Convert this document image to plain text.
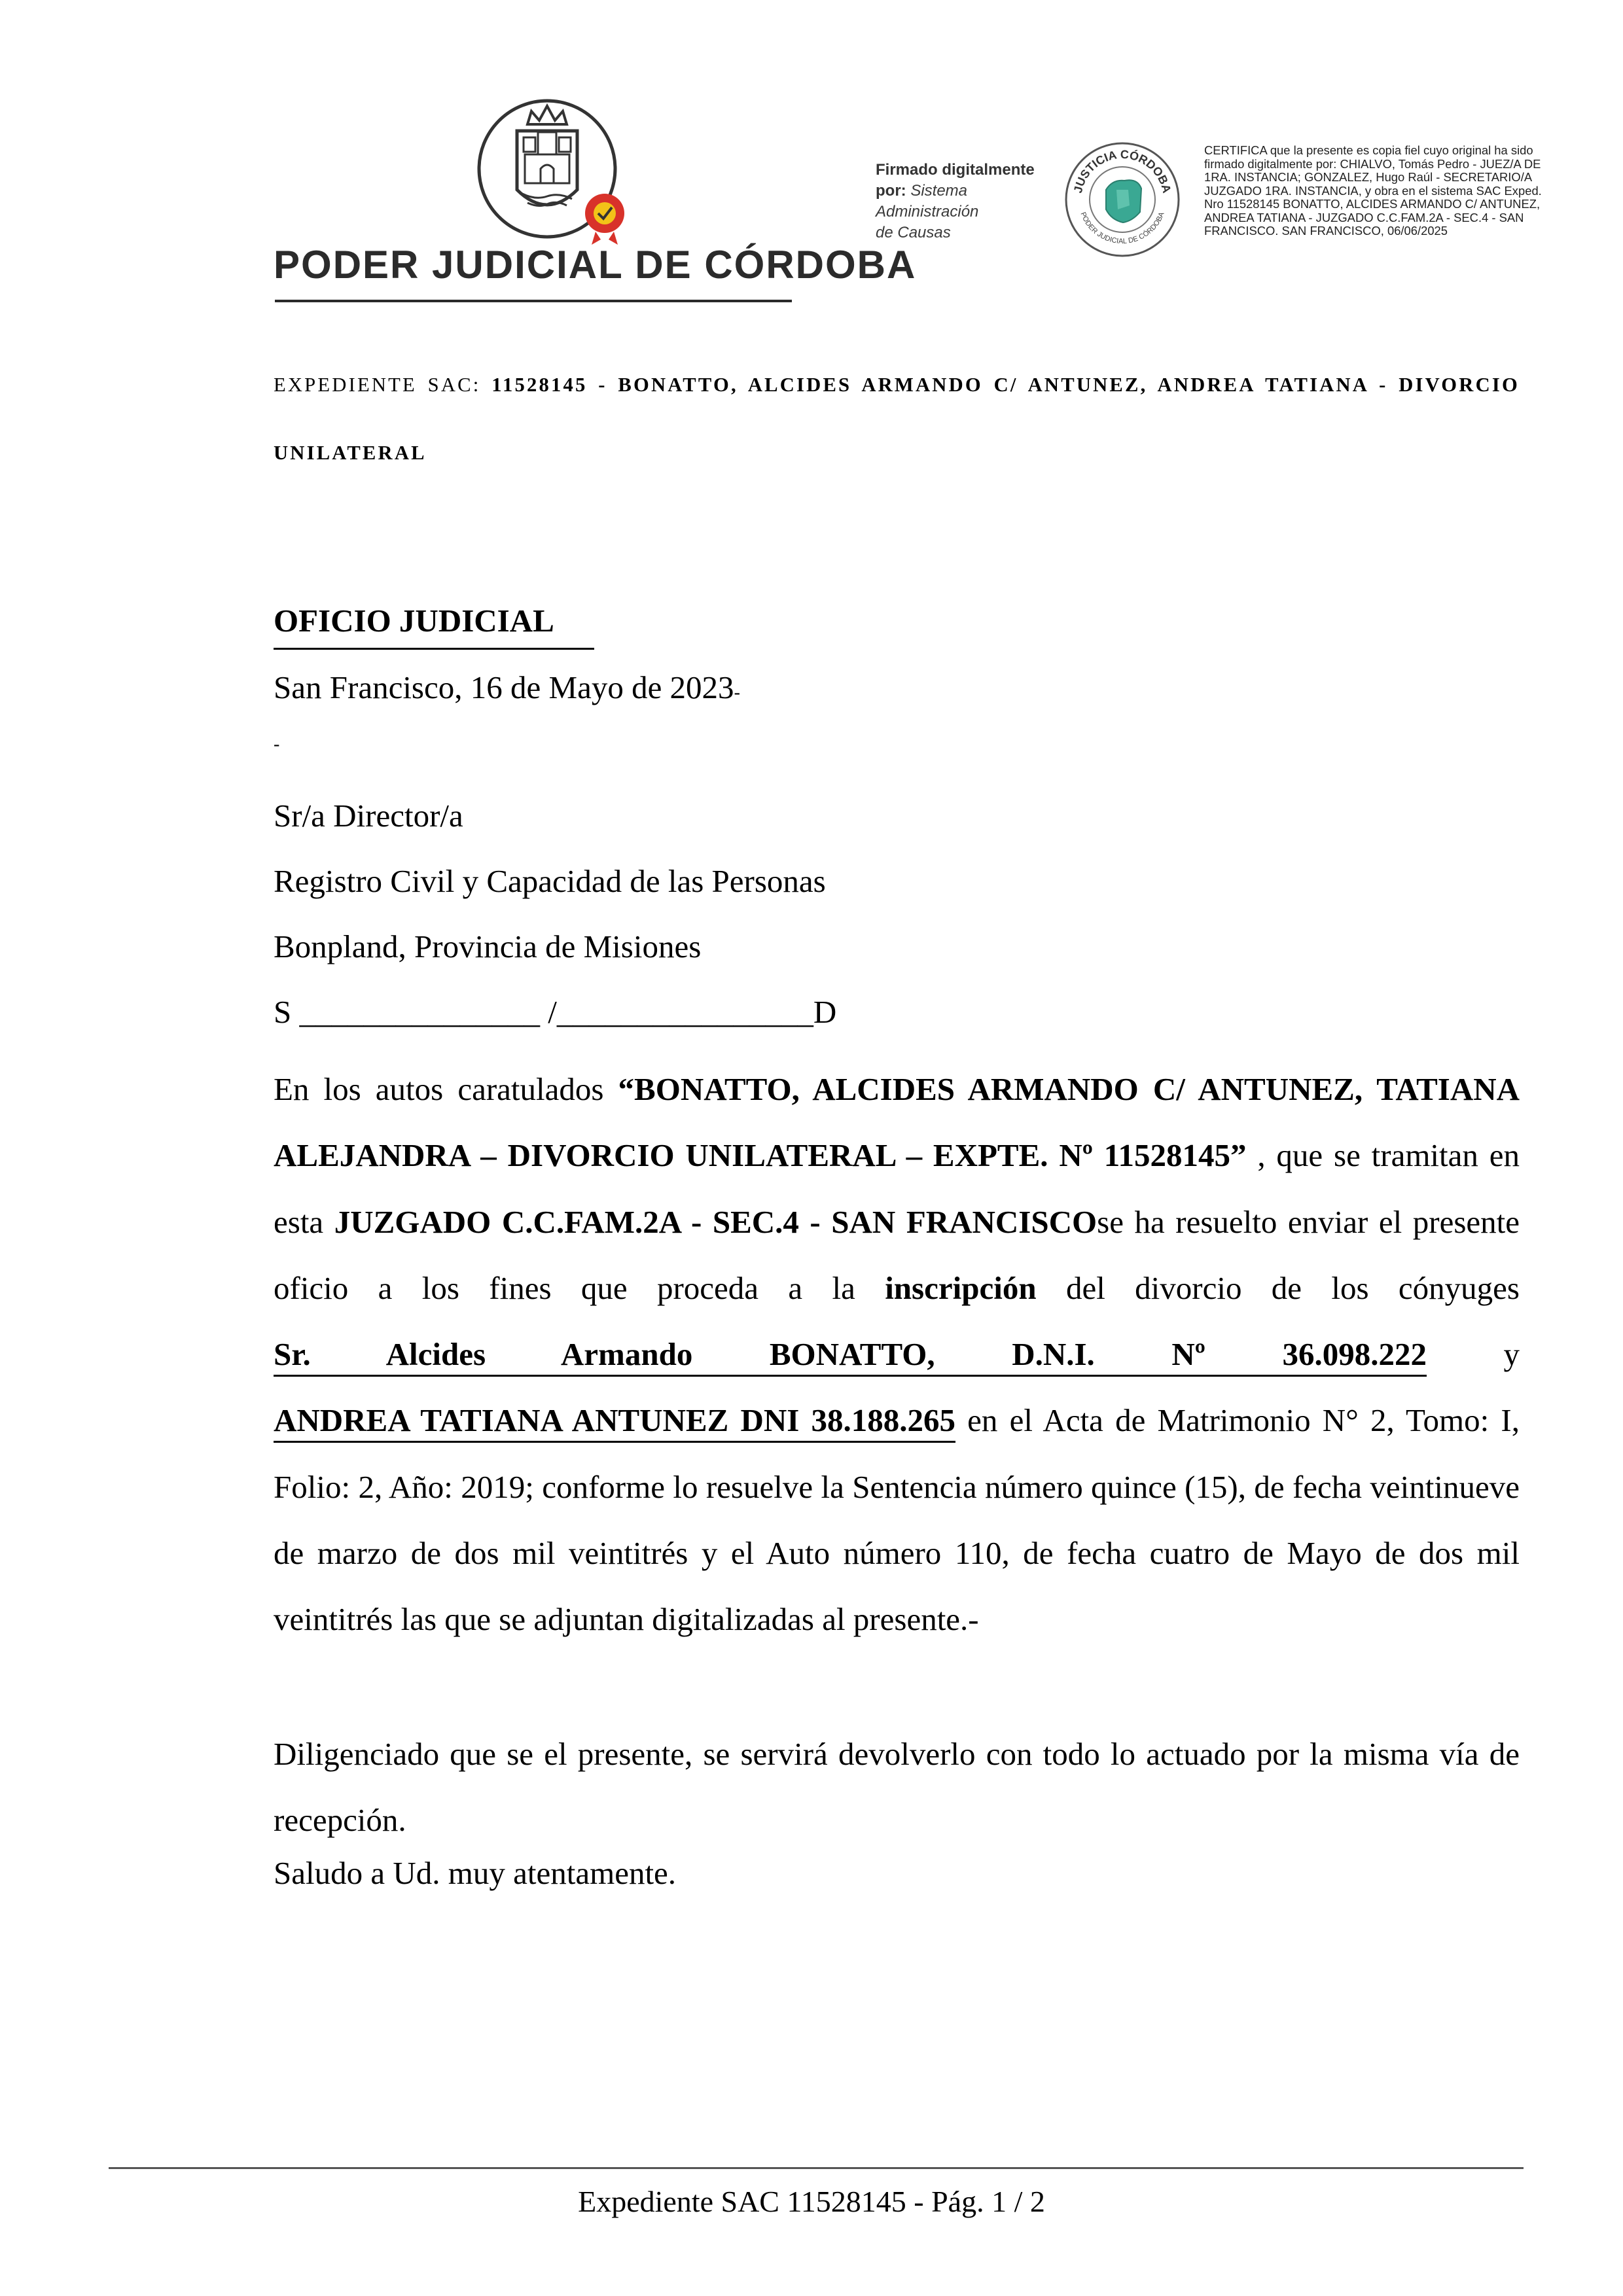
PODER JUDICIAL DE CÓRDOBA
Firmado digitalmente
por: Sistema
Administración
de Causas
JUSTICIA CÓRDOBA
PODER JUDICIAL DE CÓRDOBA
CERTIFICA que la presente es copia fiel cuyo original ha sido firmado digitalmente por: CHIALVO, Tomás Pedro - JUEZ/A DE 1RA. INSTANCIA; GONZALEZ, Hugo Raúl - SECRETARIO/A JUZGADO 1RA. INSTANCIA, y obra en el sistema SAC Exped. Nro 11528145 BONATTO, ALCIDES ARMANDO C/ ANTUNEZ, ANDREA TATIANA - JUZGADO C.C.FAM.2A - SEC.4 - SAN FRANCISCO. SAN FRANCISCO, 06/06/2025
EXPEDIENTE SAC: 11528145 - BONATTO, ALCIDES ARMANDO C/ ANTUNEZ, ANDREA TATIANA - DIVORCIO UNILATERAL
OFICIO JUDICIAL
San Francisco, 16 de Mayo de 2023-
-
Sr/a Director/a
Registro Civil y Capacidad de las Personas
Bonpland, Provincia de Misiones
S _______________ /________________D
En los autos caratulados “BONATTO, ALCIDES ARMANDO C/ ANTUNEZ, TATIANA ALEJANDRA – DIVORCIO UNILATERAL – EXPTE. Nº 11528145” , que se tramitan en esta JUZGADO C.C.FAM.2A - SEC.4 - SAN FRANCISCOse ha resuelto enviar el presente oficio a los fines que proceda a la inscripción del divorcio de los cónyuges Sr. Alcides Armando BONATTO, D.N.I. Nº 36.098.222 y ANDREA TATIANA ANTUNEZ DNI 38.188.265 en el Acta de Matrimonio N° 2, Tomo: I, Folio: 2, Año: 2019; conforme lo resuelve la Sentencia número quince (15), de fecha veintinueve de marzo de dos mil veintitrés y el Auto número 110, de fecha cuatro de Mayo de dos mil veintitrés las que se adjuntan digitalizadas al presente.-
Diligenciado que se el presente, se servirá devolverlo con todo lo actuado por la misma vía de recepción.
Saludo a Ud. muy atentamente.
Expediente SAC 11528145 - Pág. 1 / 2
